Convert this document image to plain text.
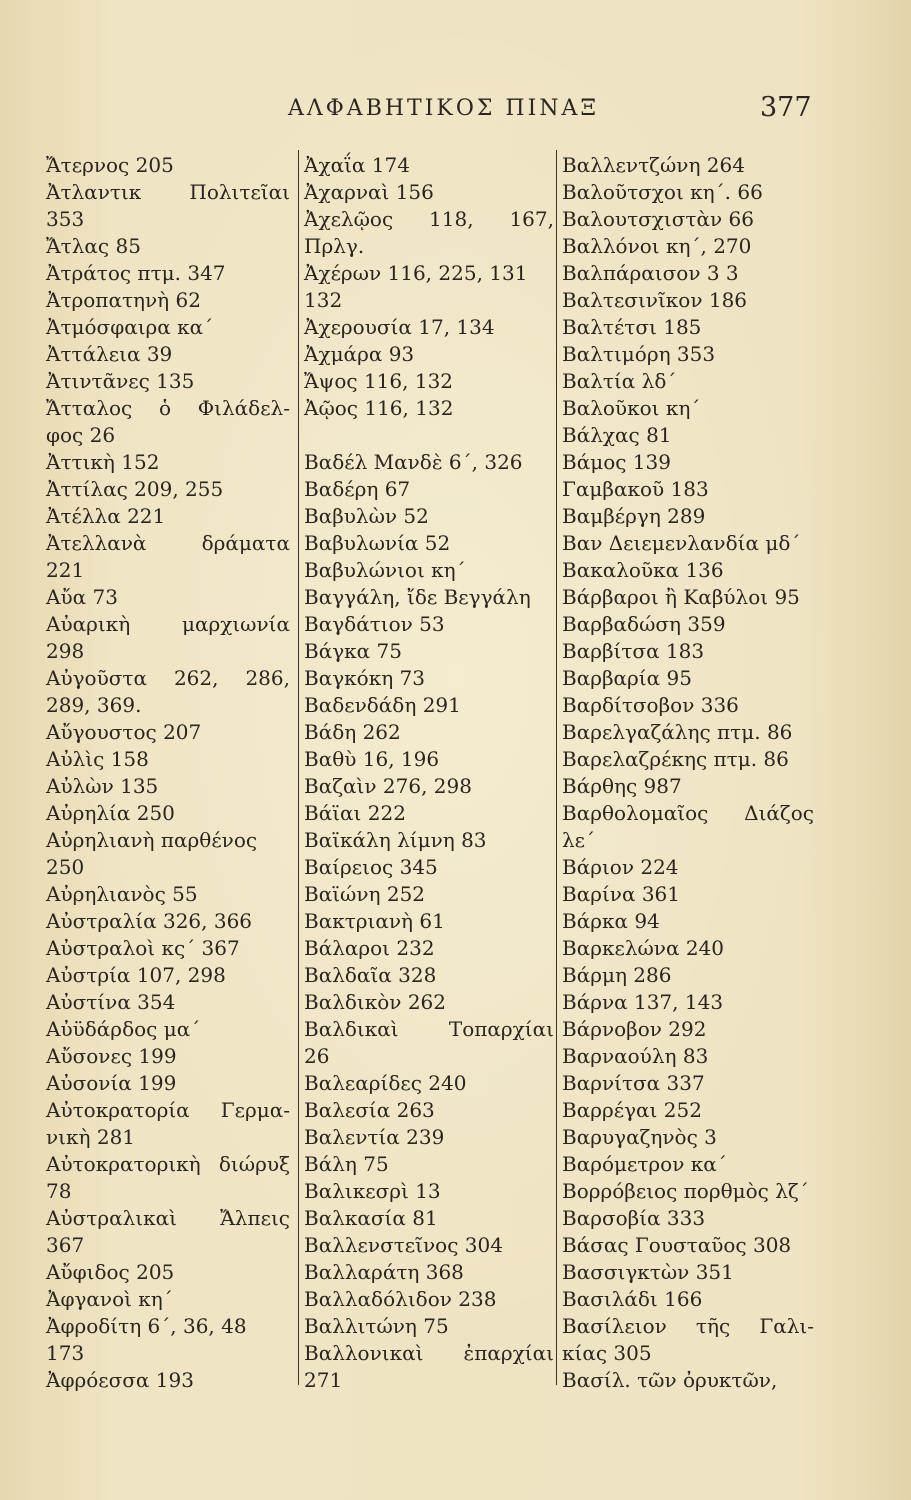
ΑΛΦΑΒΗΤΙΚΟΣ ΠΙΝΑΞ	377
Ἄτερνος 205
Ἀτλαντικ Πολιτεῖαι
353
Ἄτλας 85
Ἀτράτος πτμ. 347
Ἀτροπατηνὴ 62
Ἀτμόσφαιρα κα΄
Ἀττάλεια 39
Ἀτιντᾶνες 135
Ἄτταλος ὁ Φιλάδελ-
φος 26
Ἀττικὴ 152
Ἀττίλας 209, 255
Ἀτέλλα 221
Ἀτελλανὰ δράματα
221
Αὔα 73
Αὐαρικὴ μαρχιωνία
298
Αὐγοῦστα 262, 286,
289, 369.
Αὔγουστος 207
Αὐλὶς 158
Αὐλὼν 135
Αὐρηλία 250
Αὐρηλιανὴ παρθένος
250
Αὐρηλιανὸς 55
Αὐστραλία 326, 366
Αὐστραλοὶ κς΄ 367
Αὐστρία 107, 298
Αὐστίνα 354
Αὐϋδάρδος μα΄
Αὔσονες 199
Αὐσονία 199
Αὐτοκρατορία Γερμα-
νικὴ 281
Αὐτοκρατορικὴ διώρυξ
78
Αὐστραλικαὶ Ἄλπεις
367
Αὔφιδος 205
Ἀφγανοὶ κη΄
Ἀφροδίτη 6΄, 36, 48
173
Ἀφρόεσσα 193
Ἀχαΐα 174
Ἀχαρναὶ 156
Ἀχελῷος 118, 167,
Πρλγ.
Ἀχέρων 116, 225, 131
132
Ἀχερουσία 17, 134
Ἀχμάρα 93
Ἄψος 116, 132
Ἀῷος 116, 132
Βαδέλ Μανδὲ 6΄, 326
Βαδέρη 67
Βαβυλὼν 52
Βαβυλωνία 52
Βαβυλώνιοι κη΄
Βαγγάλη, ἴδε Βεγγάλη
Βαγδάτιον 53
Βάγκα 75
Βαγκόκη 73
Βαδενδάδη 291
Βάδη 262
Βαθὺ 16, 196
Βαζαὶν 276, 298
Βάϊαι 222
Βαϊκάλη λίμνη 83
Βαίρειος 345
Βαϊώνη 252
Βακτριανὴ 61
Βάλαροι 232
Βαλδαῖα 328
Βαλδικὸν 262
Βαλδικαὶ Τοπαρχίαι
26
Βαλεαρίδες 240
Βαλεσία 263
Βαλεντία 239
Βάλη 75
Βαλικεσρὶ 13
Βαλκασία 81
Βαλλενστεῖνος 304
Βαλλαράτη 368
Βαλλαδόλιδον 238
Βαλλιτώνη 75
Βαλλονικαὶ ἐπαρχίαι
271
Βαλλεντζώνη 264
Βαλοῦτσχοι κη΄. 66
Βαλουτσχιστὰν 66
Βαλλόνοι κη΄, 270
Βαλπάραισον 3 3
Βαλτεσινῖκον 186
Βαλτέτσι 185
Βαλτιμόρη 353
Βαλτία λδ΄
Βαλοῦκοι κη΄
Βάλχας 81
Βάμος 139
Γαμβακοῦ 183
Βαμβέργη 289
Βαν Δειεμενλανδία μδ΄
Βακαλοῦκα 136
Βάρβαροι ἢ Καβύλοι 95
Βαρβαδώση 359
Βαρβίτσα 183
Βαρβαρία 95
Βαρδίτσοβον 336
Βαρελγαζάλης πτμ. 86
Βαρελαζρέκης πτμ. 86
Βάρθης 987
Βαρθολομαῖος Διάζος
λε΄
Βάριον 224
Βαρίνα 361
Βάρκα 94
Βαρκελώνα 240
Βάρμη 286
Βάρνα 137, 143
Βάρνοβον 292
Βαρναούλη 83
Βαρνίτσα 337
Βαρρέγαι 252
Βαρυγαζηνὸς 3
Βαρόμετρον κα΄
Βορρόβειος πορθμὸς λζ΄
Βαρσοβία 333
Βάσας Γουσταῦος 308
Βασσιγκτὼν 351
Βασιλάδι 166
Βασίλειον τῆς Γαλι-
κίας 305
Βασίλ. τῶν ὀρυκτῶν,
